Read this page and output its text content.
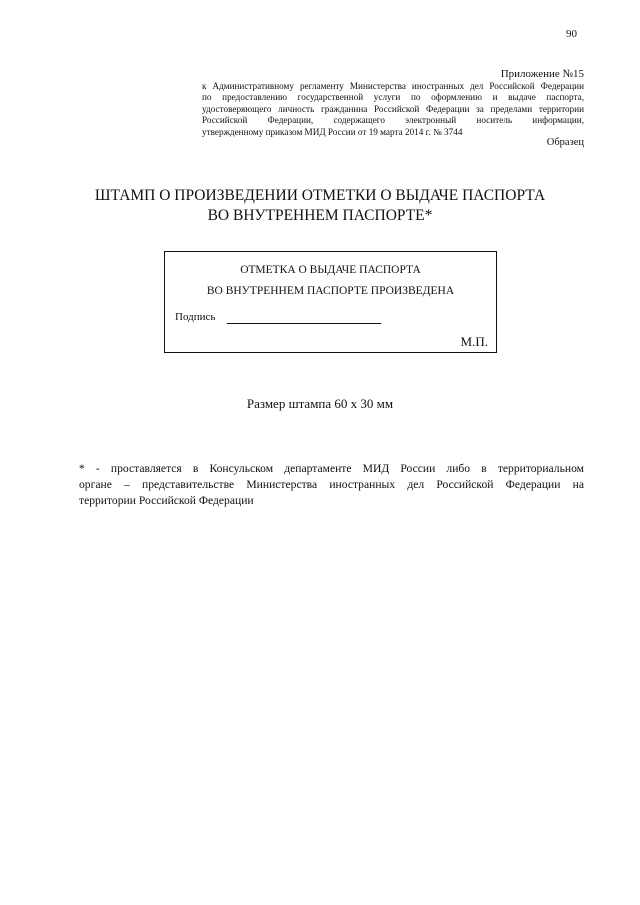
90
Приложение №15
к Административному регламенту Министерства иностранных дел Российской Федерации
по предоставлению государственной услуги по оформлению и выдаче паспорта,
удостоверяющего личность гражданина Российской Федерации за пределами территории
Российской Федерации, содержащего электронный носитель информации,
утвержденному приказом МИД России от 19 марта 2014 г. № 3744
Образец
ШТАМП О ПРОИЗВЕДЕНИИ ОТМЕТКИ О ВЫДАЧЕ ПАСПОРТА
ВО ВНУТРЕННЕМ ПАСПОРТЕ*
ОТМЕТКА О ВЫДАЧЕ ПАСПОРТА
ВО ВНУТРЕННЕМ ПАСПОРТЕ ПРОИЗВЕДЕНА
Подпись
М.П.
Размер штампа 60 х 30 мм
* - проставляется в Консульском департаменте МИД России либо в территориальном
органе – представительстве Министерства иностранных дел Российской Федерации на
территории Российской Федерации
